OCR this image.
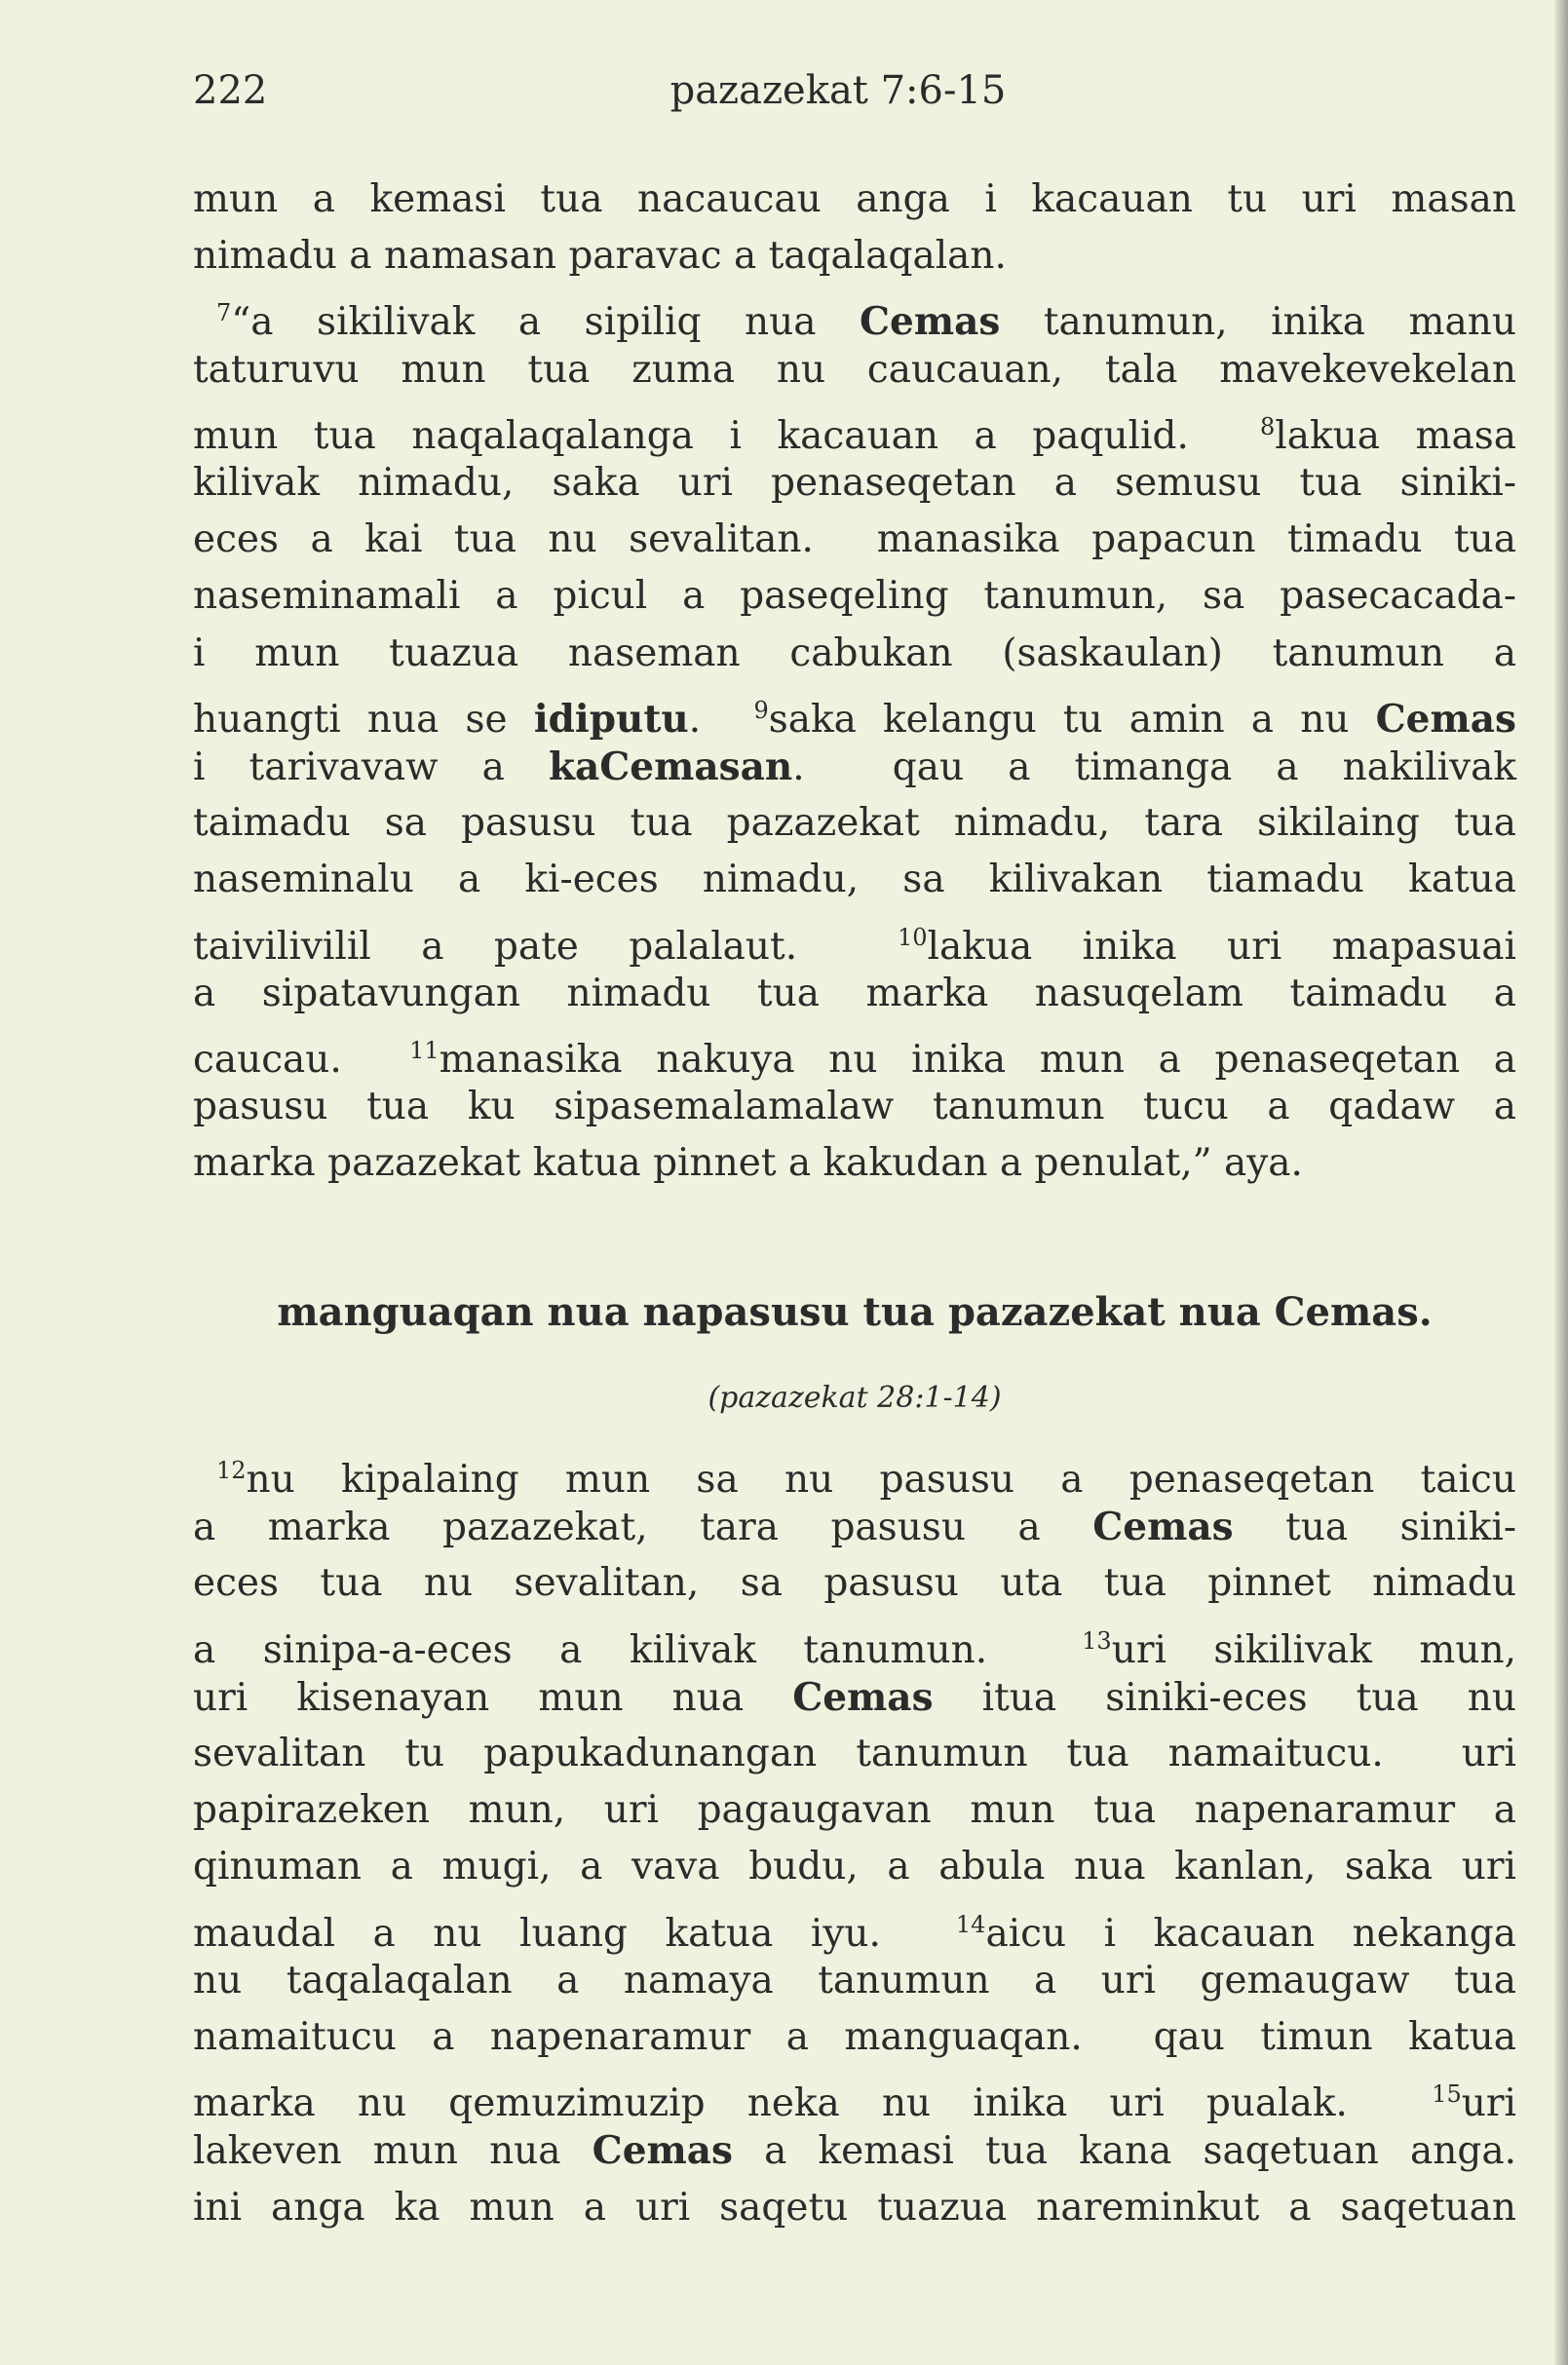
222	pazazekat 7:6-15
mun a kemasi tua nacaucau anga i kacauan tu uri masan
nimadu a namasan paravac a taqalaqalan.
$^7$“a sikilivak a sipiliq nua Cemas tanumun, inika manu
taturuvu mun tua zuma nu caucauan, tala mavekevekelan
mun tua naqalaqalanga i kacauan a paqulid.  $^8$lakua masa
kilivak nimadu, saka uri penaseqetan a semusu tua siniki-
eces a kai tua nu sevalitan.  manasika papacun timadu tua
naseminamali a picul a paseqeling tanumun, sa pasecacada-
i mun tuazua naseman cabukan (saskaulan) tanumun a
huangti nua se idiputu.  $^9$saka kelangu tu amin a nu Cemas
i tarivavaw a kaCemasan.  qau a timanga a nakilivak
taimadu sa pasusu tua pazazekat nimadu, tara sikilaing tua
naseminalu a ki-eces nimadu, sa kilivakan tiamadu katua
taivilivilil a pate palalaut.  $^{10}$lakua inika uri mapasuai
a sipatavungan nimadu tua marka nasuqelam taimadu a
caucau.  $^{11}$manasika nakuya nu inika mun a penaseqetan a
pasusu tua ku sipasemalamalaw tanumun tucu a qadaw a
marka pazazekat katua pinnet a kakudan a penulat,” aya.
manguaqan nua napasusu tua pazazekat nua Cemas.
(pazazekat 28:1-14)
$^{12}$nu kipalaing mun sa nu pasusu a penaseqetan taicu
a marka pazazekat, tara pasusu a Cemas tua siniki-
eces tua nu sevalitan, sa pasusu uta tua pinnet nimadu
a sinipa-a-eces a kilivak tanumun.  $^{13}$uri sikilivak mun,
uri kisenayan mun nua Cemas itua siniki-eces tua nu
sevalitan tu papukadunangan tanumun tua namaitucu.  uri
papirazeken mun, uri pagaugavan mun tua napenaramur a
qinuman a mugi, a vava budu, a abula nua kanlan, saka uri
maudal a nu luang katua iyu.  $^{14}$aicu i kacauan nekanga
nu taqalaqalan a namaya tanumun a uri gemaugaw tua
namaitucu a napenaramur a manguaqan.  qau timun katua
marka nu qemuzimuzip neka nu inika uri pualak.  $^{15}$uri
lakeven mun nua Cemas a kemasi tua kana saqetuan anga.
ini anga ka mun a uri saqetu tuazua nareminkut a saqetuan
